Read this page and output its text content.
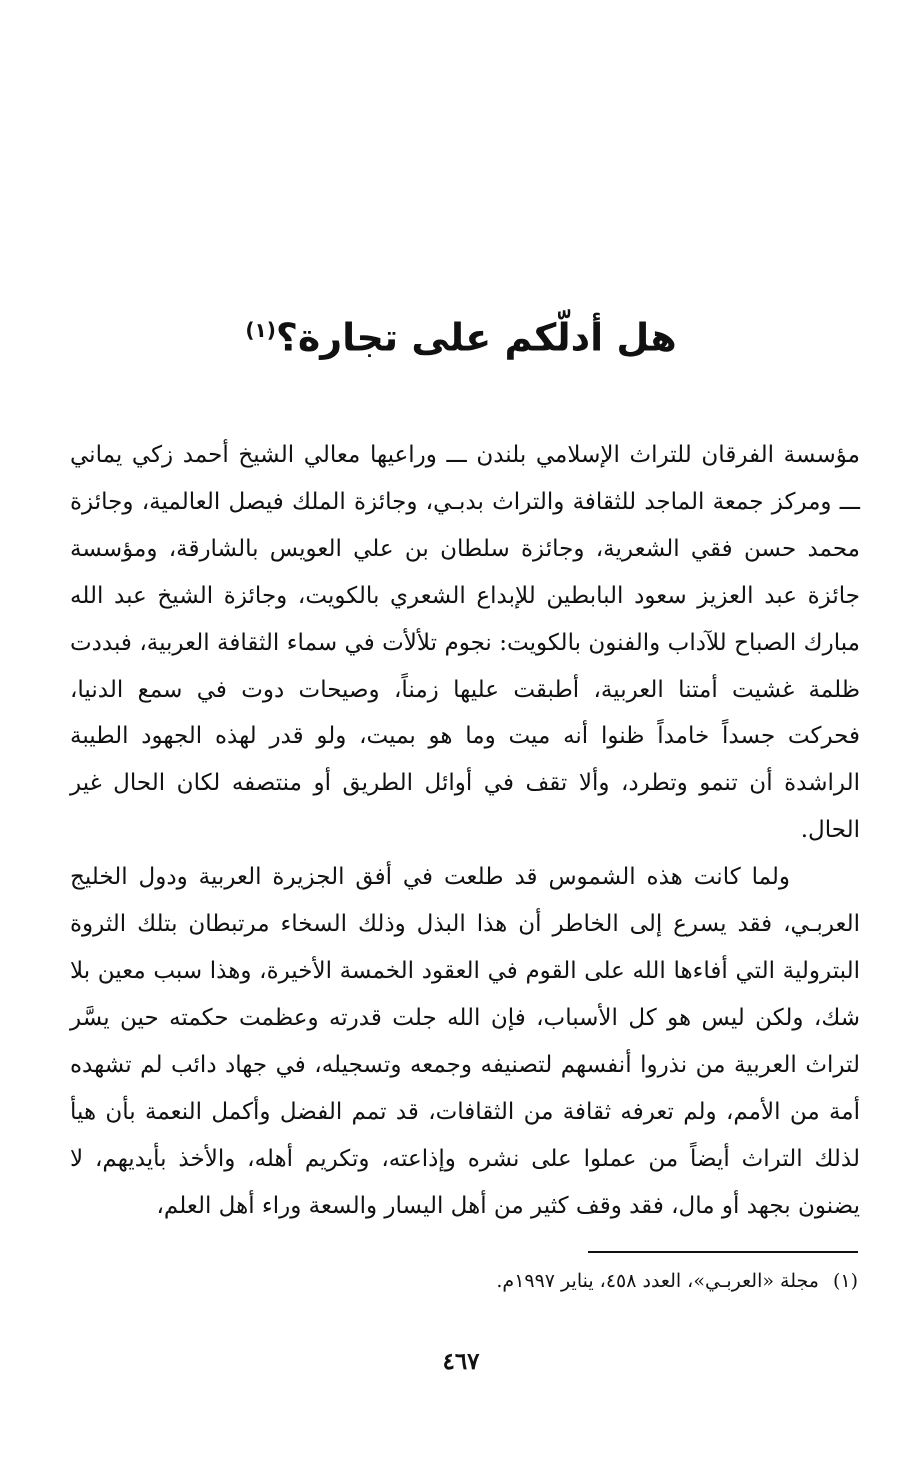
هل أدلّكم على تجارة؟$^{(١)}$

مؤسسة الفرقان للتراث الإسلامي بلندن ـــ وراعيها معالي الشيخ أحمد زكي يماني ـــ ومركز جمعة الماجد للثقافة والتراث بدبـي، وجائزة الملك فيصل العالمية، وجائزة محمد حسن فقي الشعرية، وجائزة سلطان بن علي العويس بالشارقة، ومؤسسة جائزة عبد العزيز سعود البابطين للإبداع الشعري بالكويت، وجائزة الشيخ عبد الله مبارك الصباح للآداب والفنون بالكويت: نجوم تلألأت في سماء الثقافة العربية، فبددت ظلمة غشيت أمتنا العربية، أطبقت عليها زمناً، وصيحات دوت في سمع الدنيا، فحركت جسداً خامداً ظنوا أنه ميت وما هو بميت، ولو قدر لهذه الجهود الطيبة الراشدة أن تنمو وتطرد، وألا تقف في أوائل الطريق أو منتصفه لكان الحال غير الحال.

ولما كانت هذه الشموس قد طلعت في أفق الجزيرة العربية ودول الخليج العربـي، فقد يسرع إلى الخاطر أن هذا البذل وذلك السخاء مرتبطان بتلك الثروة البترولية التي أفاءها الله على القوم في العقود الخمسة الأخيرة، وهذا سبب معين بلا شك، ولكن ليس هو كل الأسباب، فإن الله جلت قدرته وعظمت حكمته حين يسَّر لتراث العربية من نذروا أنفسهم لتصنيفه وجمعه وتسجيله، في جهاد دائب لم تشهده أمة من الأمم، ولم تعرفه ثقافة من الثقافات، قد تمم الفضل وأكمل النعمة بأن هيأ لذلك التراث أيضاً من عملوا على نشره وإذاعته، وتكريم أهله، والأخذ بأيديهم، لا يضنون بجهد أو مال، فقد وقف كثير من أهل اليسار والسعة وراء أهل العلم،

(١)مجلة «العربـي»، العدد ٤٥٨، يناير ١٩٩٧م.
٤٦٧
